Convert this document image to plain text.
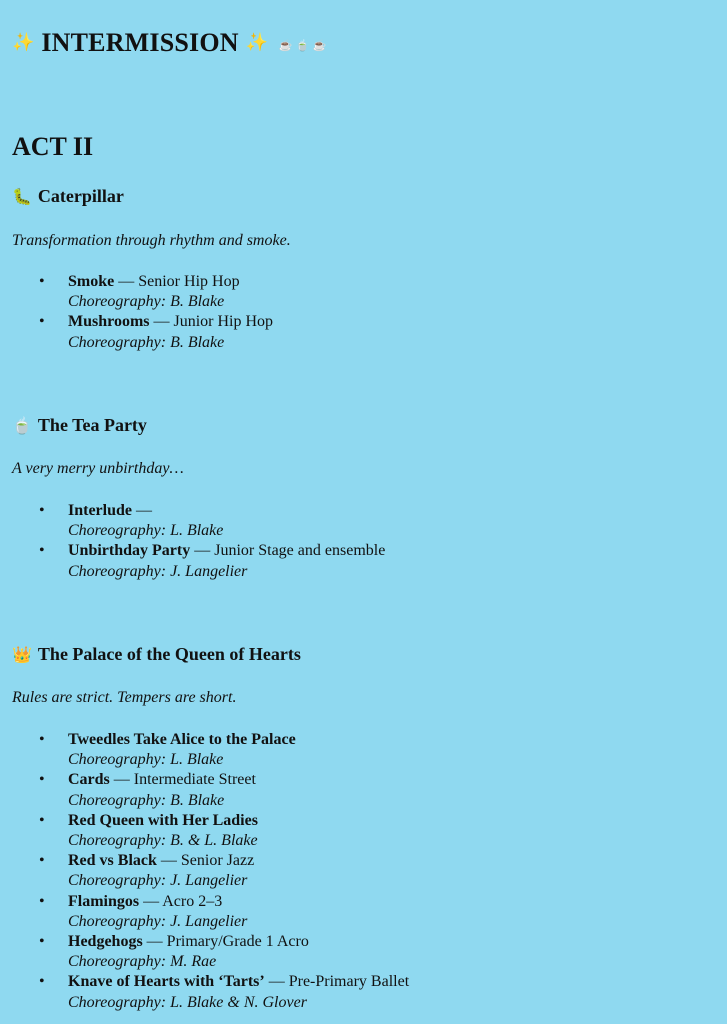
✨ INTERMISSION ✨ ☕ 🍵 ☕
ACT II
🐛 Caterpillar

Transformation through rhythm and smoke.

• Smoke — Senior Hip Hop
Choreography: B. Blake
• Mushrooms — Junior Hip Hop
Choreography: B. Blake
🍵 The Tea Party

A very merry unbirthday…

• Interlude —
Choreography: L. Blake
• Unbirthday Party — Junior Stage and ensemble
Choreography: J. Langelier
👑 The Palace of the Queen of Hearts

Rules are strict. Tempers are short.

• Tweedles Take Alice to the Palace
Choreography: L. Blake
• Cards — Intermediate Street
Choreography: B. Blake
• Red Queen with Her Ladies
Choreography: B. & L. Blake
• Red vs Black — Senior Jazz
Choreography: J. Langelier
• Flamingos — Acro 2–3
Choreography: J. Langelier
• Hedgehogs — Primary/Grade 1 Acro
Choreography: M. Rae
• Knave of Hearts with ‘Tarts’ — Pre-Primary Ballet
Choreography: L. Blake & N. Glover
